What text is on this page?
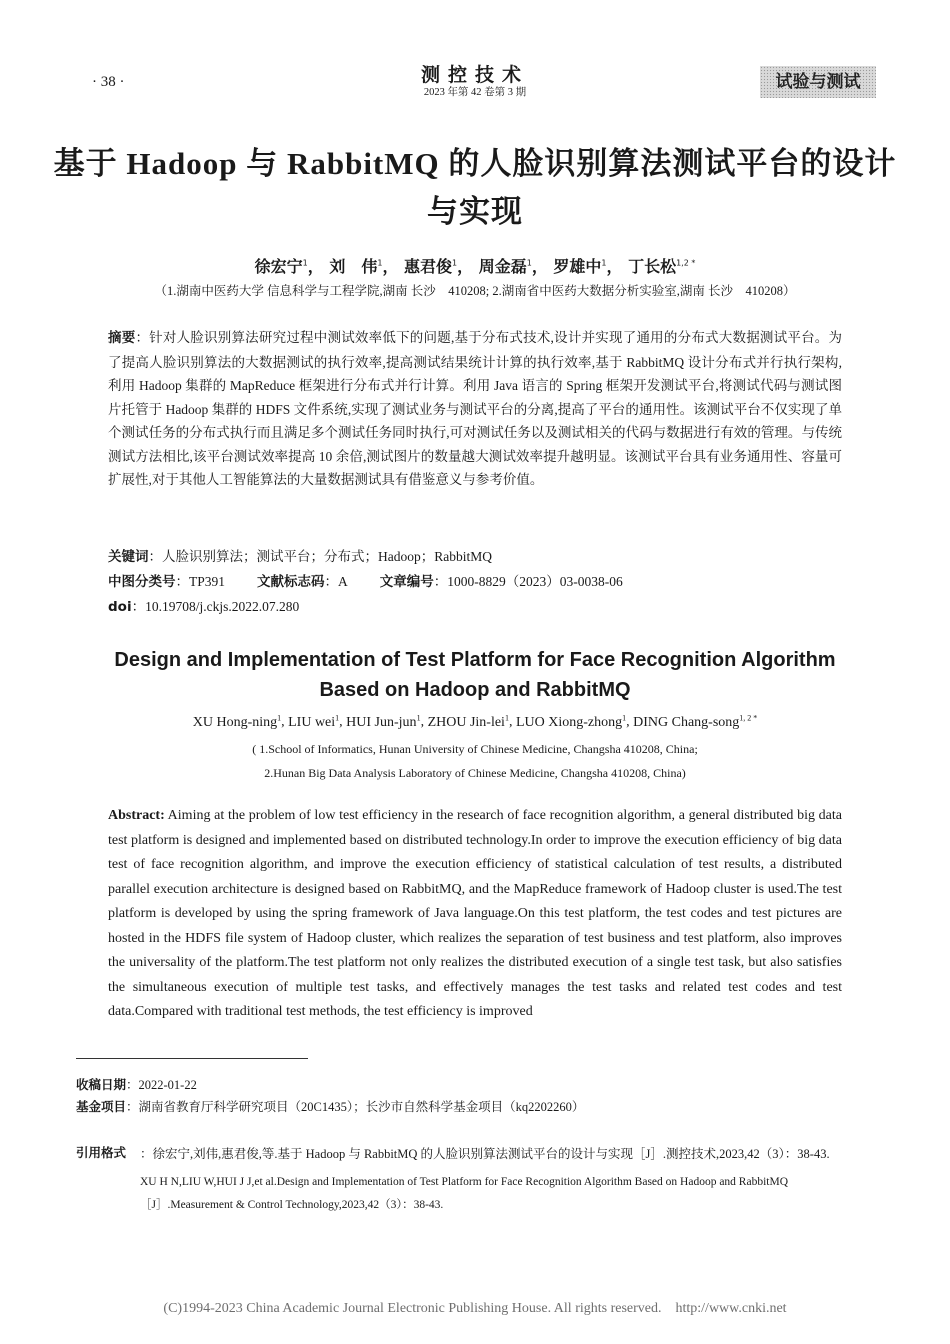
· 38 ·	测控技术
2023 年第 42 卷第 3 期
试验与测试
基于 Hadoop 与 RabbitMQ 的人脸识别算法测试平台的设计与实现
徐宏宁$^1$， 刘　伟$^1$， 惠君俊$^1$， 周金磊$^1$， 罗雄中$^1$， 丁长松$^{1,2 *}$
（1.湖南中医药大学 信息科学与工程学院,湖南 长沙　410208; 2.湖南省中医药大数据分析实验室,湖南 长沙　410208）
摘要：针对人脸识别算法研究过程中测试效率低下的问题,基于分布式技术,设计并实现了通用的分布式大数据测试平台。为了提高人脸识别算法的大数据测试的执行效率,提高测试结果统计计算的执行效率,基于 RabbitMQ 设计分布式并行执行架构,利用 Hadoop 集群的 MapReduce 框架进行分布式并行计算。利用 Java 语言的 Spring 框架开发测试平台,将测试代码与测试图片托管于 Hadoop 集群的 HDFS 文件系统,实现了测试业务与测试平台的分离,提高了平台的通用性。该测试平台不仅实现了单个测试任务的分布式执行而且满足多个测试任务同时执行,可对测试任务以及测试相关的代码与数据进行有效的管理。与传统测试方法相比,该平台测试效率提高 10 余倍,测试图片的数量越大测试效率提升越明显。该测试平台具有业务通用性、容量可扩展性,对于其他人工智能算法的大量数据测试具有借鉴意义与参考价值。
关键词：人脸识别算法；测试平台；分布式；Hadoop；RabbitMQ
中图分类号：TP391 文献标志码：A 文章编号：1000-8829（2023）03-0038-06
doi：10.19708/j.ckjs.2022.07.280
Design and Implementation of Test Platform for Face Recognition Algorithm
Based on Hadoop and RabbitMQ
XU Hong-ning$^1$, LIU wei$^1$, HUI Jun-jun$^1$, ZHOU Jin-lei$^1$, LUO Xiong-zhong$^1$, DING Chang-song$^{1, 2 *}$
( 1.School of Informatics, Hunan University of Chinese Medicine, Changsha 410208, China;
2.Hunan Big Data Analysis Laboratory of Chinese Medicine, Changsha 410208, China)
Abstract: Aiming at the problem of low test efficiency in the research of face recognition algorithm, a general distributed big data test platform is designed and implemented based on distributed technology.In order to improve the execution efficiency of big data test of face recognition algorithm, and improve the execution efficiency of statistical calculation of test results, a distributed parallel execution architecture is designed based on RabbitMQ, and the MapReduce framework of Hadoop cluster is used.The test platform is developed by using the spring framework of Java language.On this test platform, the test codes and test pictures are hosted in the HDFS file system of Hadoop cluster, which realizes the separation of test business and test platform, also improves the universality of the platform.The test platform not only realizes the distributed execution of a single test task, but also satisfies the simultaneous execution of multiple test tasks, and effectively manages the test tasks and related test codes and test data.Compared with traditional test methods, the test efficiency is improved
收稿日期：2022-01-22
基金项目：湖南省教育厅科学研究项目（20C1435）；长沙市自然科学基金项目（kq2202260）
引用格式	：徐宏宁,刘伟,惠君俊,等.基于 Hadoop 与 RabbitMQ 的人脸识别算法测试平台的设计与实现［J］.测控技术,2023,42（3）：38-43.
XU H N,LIU W,HUI J J,et al.Design and Implementation of Test Platform for Face Recognition Algorithm Based on Hadoop and RabbitMQ［J］.Measurement & Control Technology,2023,42（3）：38-43.
(C)1994-2023 China Academic Journal Electronic Publishing House. All rights reserved.　http://www.cnki.net
